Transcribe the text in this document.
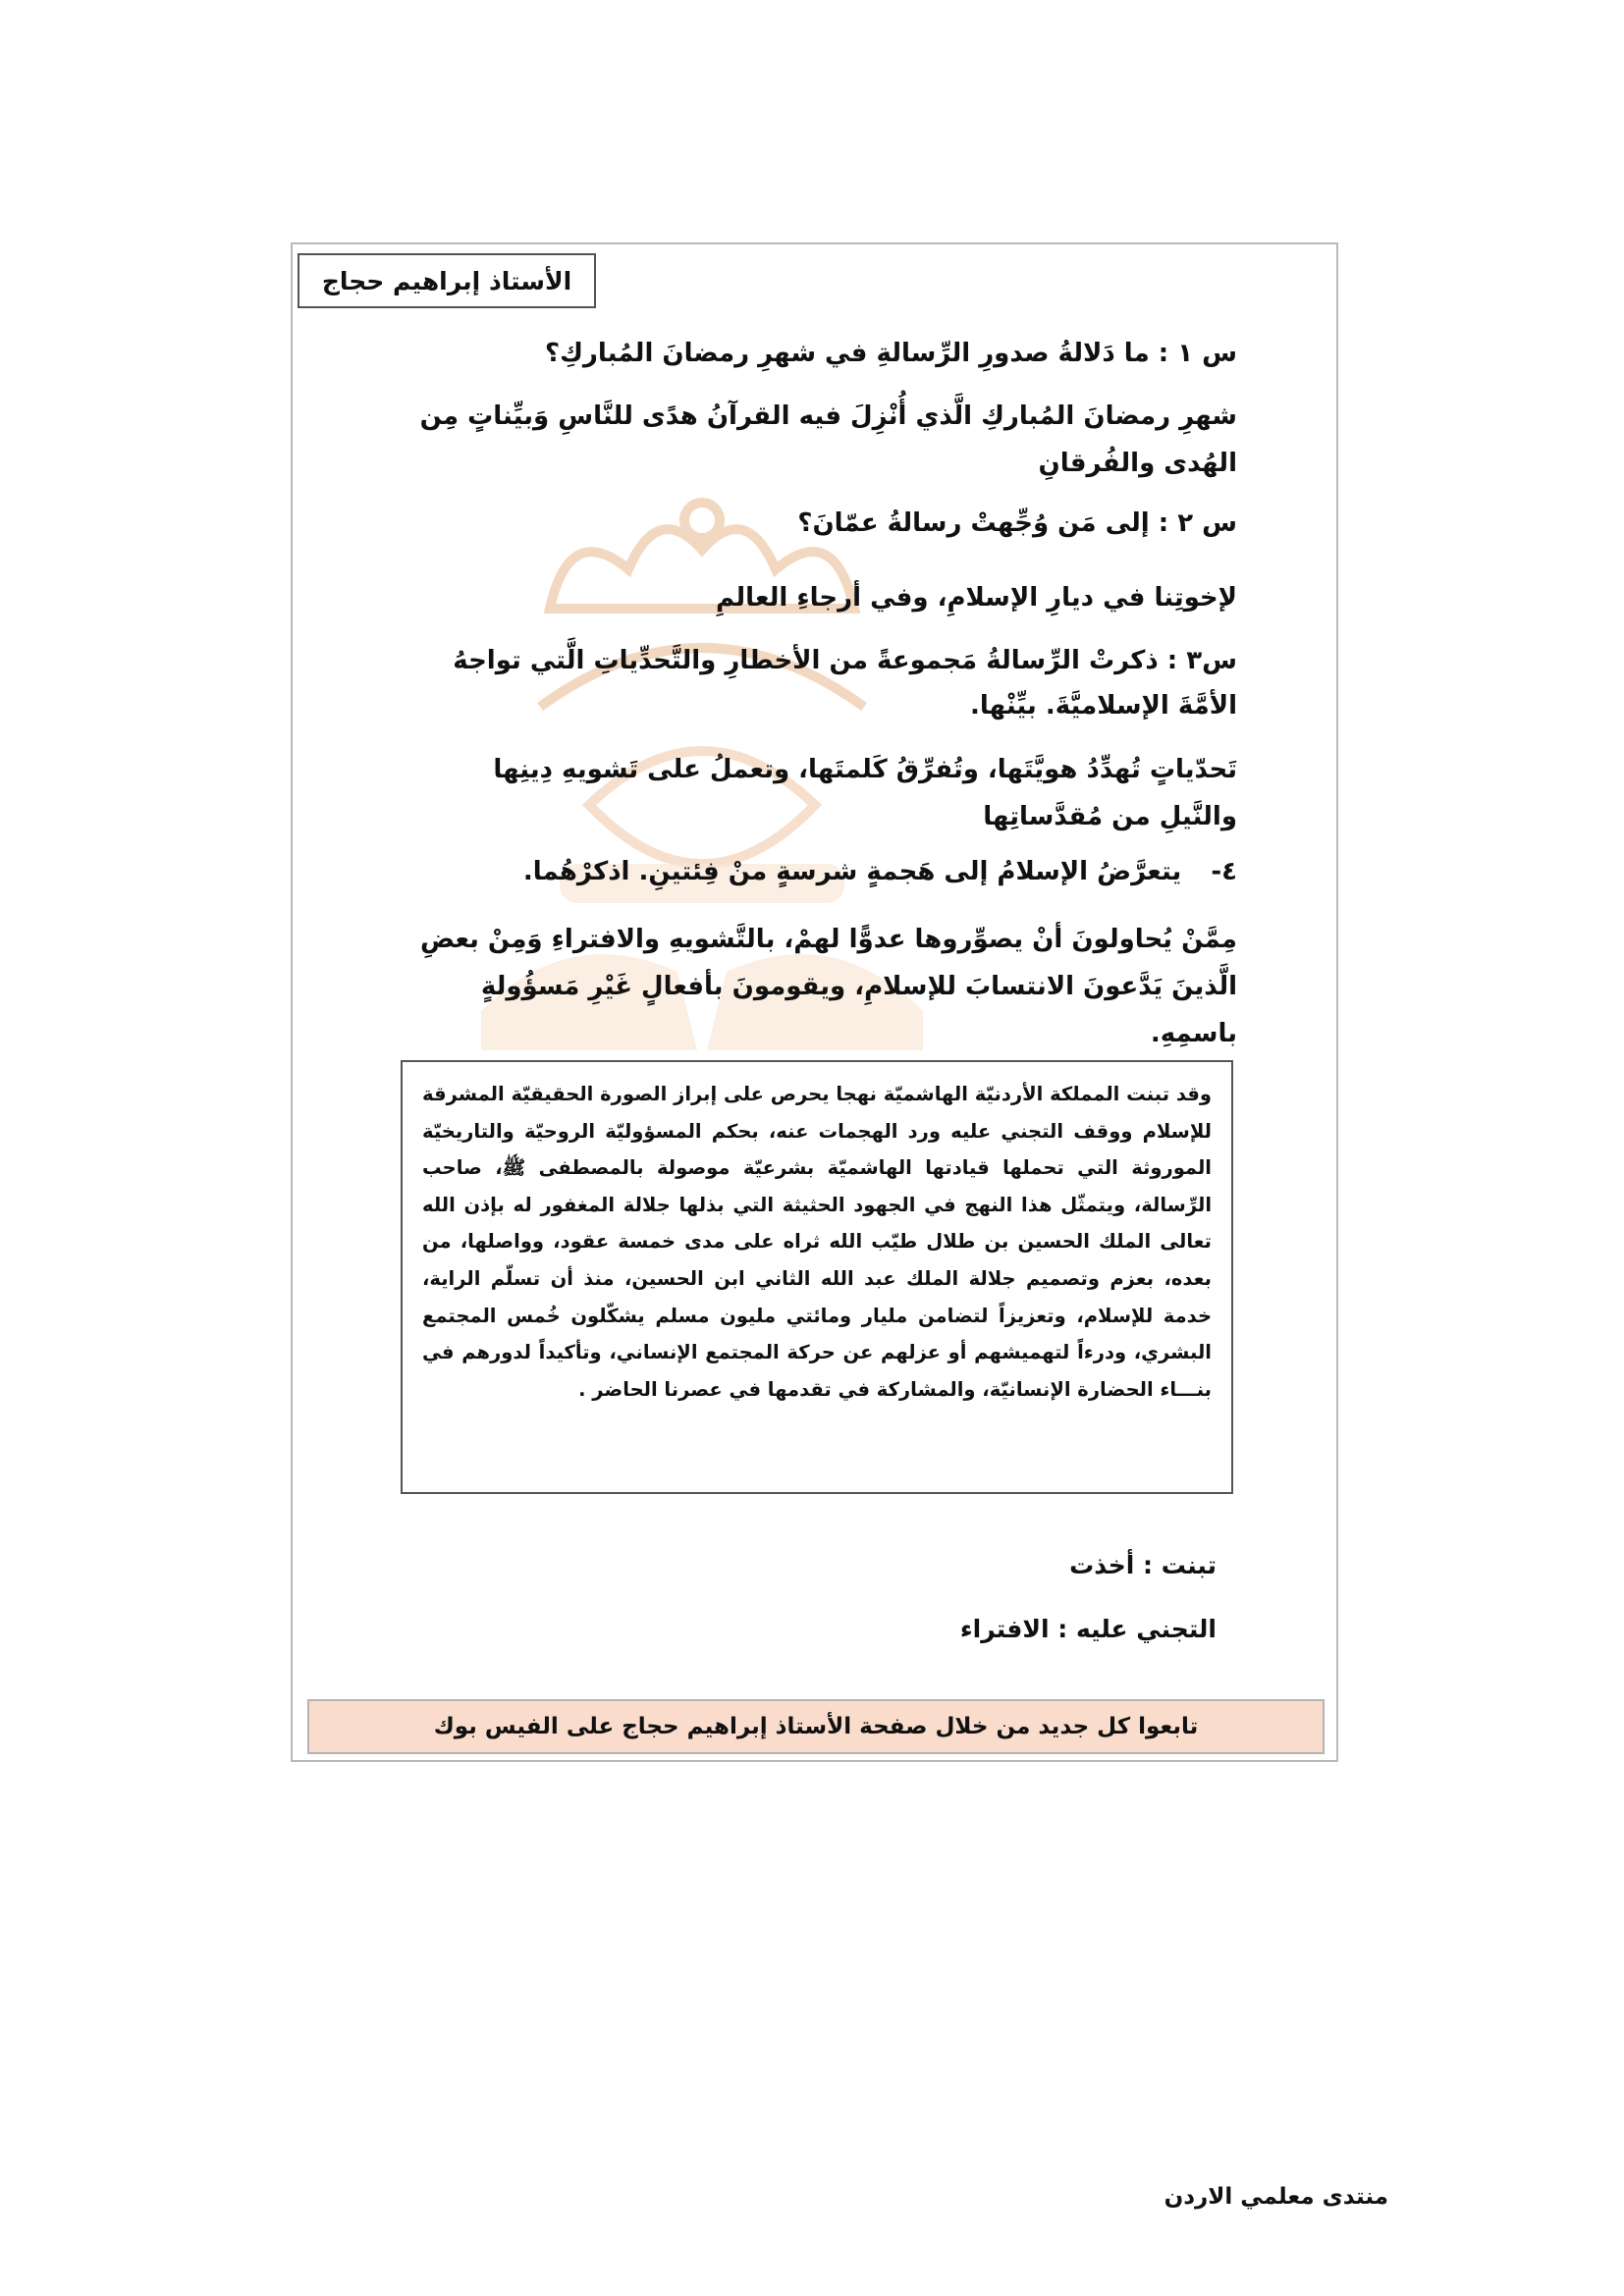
الأستاذ إبراهيم حجاج

س ١ : ما دَلالةُ صدورِ الرِّسالةِ في شهرِ رمضانَ المُباركِ؟

شهرِ رمضانَ المُباركِ الَّذي أُنْزِلَ فيه القرآنُ هدًى للنَّاسِ وَبيِّناتٍ مِن الهُدى والفُرقانِ

س ٢ : إلى مَن وُجِّهتْ رسالةُ عمّانَ؟

لإخوتِنا في ديارِ الإسلامِ، وفي أرجاءِ العالمِ

س٣ : ذكرتْ الرِّسالةُ مَجموعةً من الأخطارِ والتَّحدِّياتِ الَّتي تواجهُ الأمَّةَ الإسلاميَّةَ. بيِّنْها.

تَحدّياتٍ تُهدِّدُ هويَّتَها، وتُفرِّقُ كَلمتَها، وتعملُ على تَشويهِ دِينِها والنَّيلِ من مُقدَّساتِها

٤-يتعرَّضُ الإسلامُ إلى هَجمةٍ شرسةٍ منْ فِئتينِ. اذكرْهُما.

مِمَّنْ يُحاولونَ أنْ يصوِّروها عدوًّا لهمْ، بالتَّشويهِ والافتراءِ وَمِنْ بعضِ الَّذينَ يَدَّعونَ الانتسابَ للإسلامِ، ويقومونَ بأفعالٍ غَيْرِ مَسؤُولةٍ باسمِهِ.

وقد تبنت المملكة الأردنيّة الهاشميّة نهجا يحرص على إبراز الصورة الحقيقيّة المشرقة للإسلام ووقف التجني عليه ورد الهجمات عنه، بحكم المسؤوليّة الروحيّة والتاريخيّة الموروثة التي تحملها قيادتها الهاشميّة بشرعيّة موصولة بالمصطفى ﷺ، صاحب الرِّسالة، ويتمثّل هذا النهج في الجهود الحثيثة التي بذلها جلالة المغفور له بإذن الله تعالى الملك الحسين بن طلال طيّب الله ثراه على مدى خمسة عقود، وواصلها، من بعده، بعزم وتصميم جلالة الملك عبد الله الثاني ابن الحسين، منذ أن تسلّم الراية، خدمة للإسلام، وتعزيزاً لتضامن مليار ومائتي مليون مسلم يشكّلون خُمس المجتمع البشري، ودرءاً لتهميشهم أو عزلهم عن حركة المجتمع الإنساني، وتأكيداً لدورهم في بنـــاء الحضارة الإنسانيّة، والمشاركة في تقدمها في عصرنا الحاضر .
تبنت : أخذت
التجني عليه : الافتراء
تابعوا كل جديد من خلال صفحة الأستاذ إبراهيم حجاج على الفيس بوك
منتدى معلمي الاردن
